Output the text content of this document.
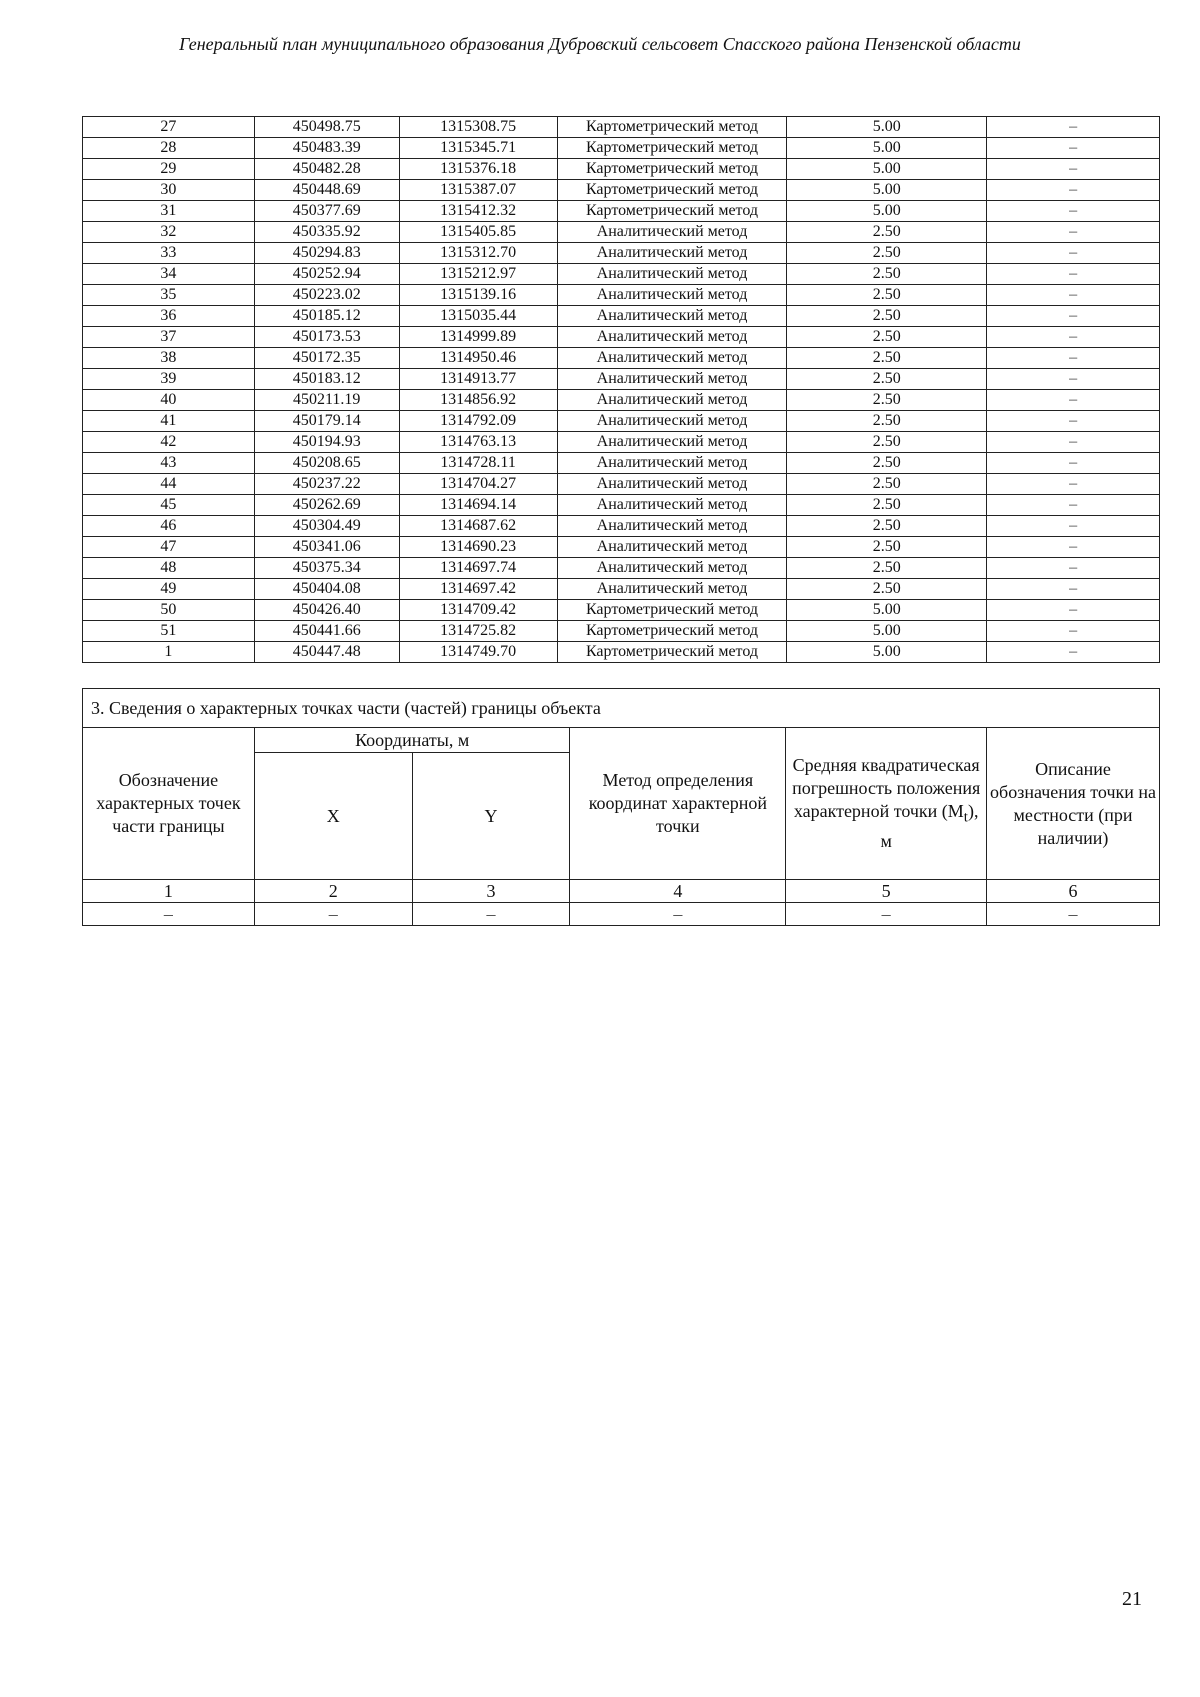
Генеральный план муниципального образования Дубровский сельсовет Спасского района Пензенской области
27	450498.75	1315308.75	Картометрический метод	5.00	–
28	450483.39	1315345.71	Картометрический метод	5.00	–
29	450482.28	1315376.18	Картометрический метод	5.00	–
30	450448.69	1315387.07	Картометрический метод	5.00	–
31	450377.69	1315412.32	Картометрический метод	5.00	–
32	450335.92	1315405.85	Аналитический метод	2.50	–
33	450294.83	1315312.70	Аналитический метод	2.50	–
34	450252.94	1315212.97	Аналитический метод	2.50	–
35	450223.02	1315139.16	Аналитический метод	2.50	–
36	450185.12	1315035.44	Аналитический метод	2.50	–
37	450173.53	1314999.89	Аналитический метод	2.50	–
38	450172.35	1314950.46	Аналитический метод	2.50	–
39	450183.12	1314913.77	Аналитический метод	2.50	–
40	450211.19	1314856.92	Аналитический метод	2.50	–
41	450179.14	1314792.09	Аналитический метод	2.50	–
42	450194.93	1314763.13	Аналитический метод	2.50	–
43	450208.65	1314728.11	Аналитический метод	2.50	–
44	450237.22	1314704.27	Аналитический метод	2.50	–
45	450262.69	1314694.14	Аналитический метод	2.50	–
46	450304.49	1314687.62	Аналитический метод	2.50	–
47	450341.06	1314690.23	Аналитический метод	2.50	–
48	450375.34	1314697.74	Аналитический метод	2.50	–
49	450404.08	1314697.42	Аналитический метод	2.50	–
50	450426.40	1314709.42	Картометрический метод	5.00	–
51	450441.66	1314725.82	Картометрический метод	5.00	–
1	450447.48	1314749.70	Картометрический метод	5.00	–
3. Сведения о характерных точках части (частей) границы объекта					
Обозначение характерных точек части границы	Координаты, м		Метод определения координат характерной точки	Средняя квадратическая погрешность положения характерной точки $(M_t)$, м	Описание обозначения точки на местности (при наличии)
	X	Y			
1	2	3	4	5	6
–	–	–	–	–	–
21
